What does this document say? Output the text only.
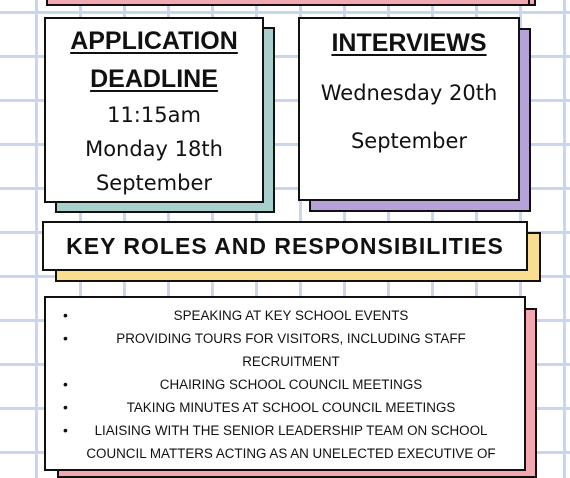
APPLICATION
DEADLINE
11:15am
Monday 18th
September
INTERVIEWS
Wednesday 20th
September
KEY ROLES AND RESPONSIBILITIES
• SPEAKING AT KEY SCHOOL EVENTS
• PROVIDING TOURS FOR VISITORS, INCLUDING STAFF RECRUITMENT
• CHAIRING SCHOOL COUNCIL MEETINGS
• TAKING MINUTES AT SCHOOL COUNCIL MEETINGS
• LIAISING WITH THE SENIOR LEADERSHIP TEAM ON SCHOOL COUNCIL MATTERS ACTING AS AN UNELECTED EXECUTIVE OF
